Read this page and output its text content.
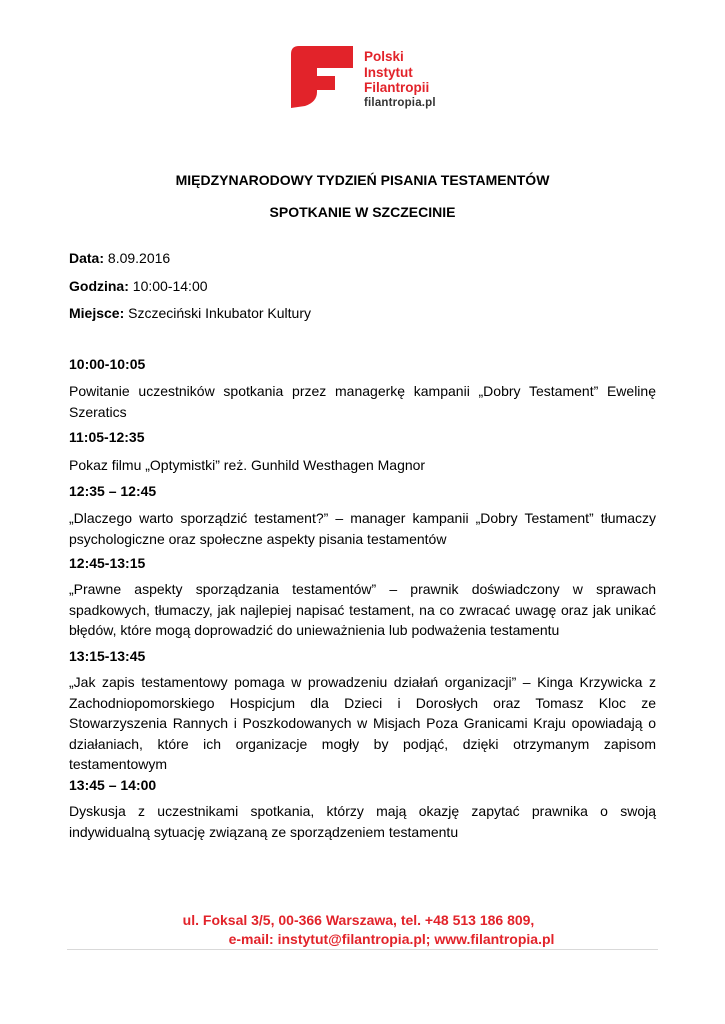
Polski
Instytut
Filantropii
filantropia.pl
MIĘDZYNARODOWY TYDZIEŃ PISANIA TESTAMENTÓW
SPOTKANIE W SZCZECINIE
Data: 8.09.2016
Godzina: 10:00-14:00
Miejsce: Szczeciński Inkubator Kultury
10:00-10:05
Powitanie uczestników spotkania przez managerkę kampanii „Dobry Testament” Ewelinę Szeratics
11:05-12:35
Pokaz filmu „Optymistki” reż. Gunhild Westhagen Magnor
12:35 – 12:45
„Dlaczego warto sporządzić testament?” – manager kampanii „Dobry Testament” tłumaczy psychologiczne oraz społeczne aspekty pisania testamentów
12:45-13:15
„Prawne aspekty sporządzania testamentów” – prawnik doświadczony w sprawach spadkowych, tłumaczy, jak najlepiej napisać testament, na co zwracać uwagę oraz jak unikać błędów, które mogą doprowadzić do unieważnienia lub podważenia testamentu
13:15-13:45
„Jak zapis testamentowy pomaga w prowadzeniu działań organizacji” – Kinga Krzywicka z Zachodniopomorskiego Hospicjum dla Dzieci i Dorosłych oraz Tomasz Kloc ze Stowarzyszenia Rannych i Poszkodowanych w Misjach Poza Granicami Kraju opowiadają o działaniach, które ich organizacje mogły by podjąć, dzięki otrzymanym zapisom testamentowym
13:45 – 14:00
Dyskusja z uczestnikami spotkania, którzy mają okazję zapytać prawnika o swoją indywidualną sytuację związaną ze sporządzeniem testamentu
ul. Foksal 3/5, 00-366 Warszawa, tel. +48 513 186 809,
e-mail: instytut@filantropia.pl; www.filantropia.pl
